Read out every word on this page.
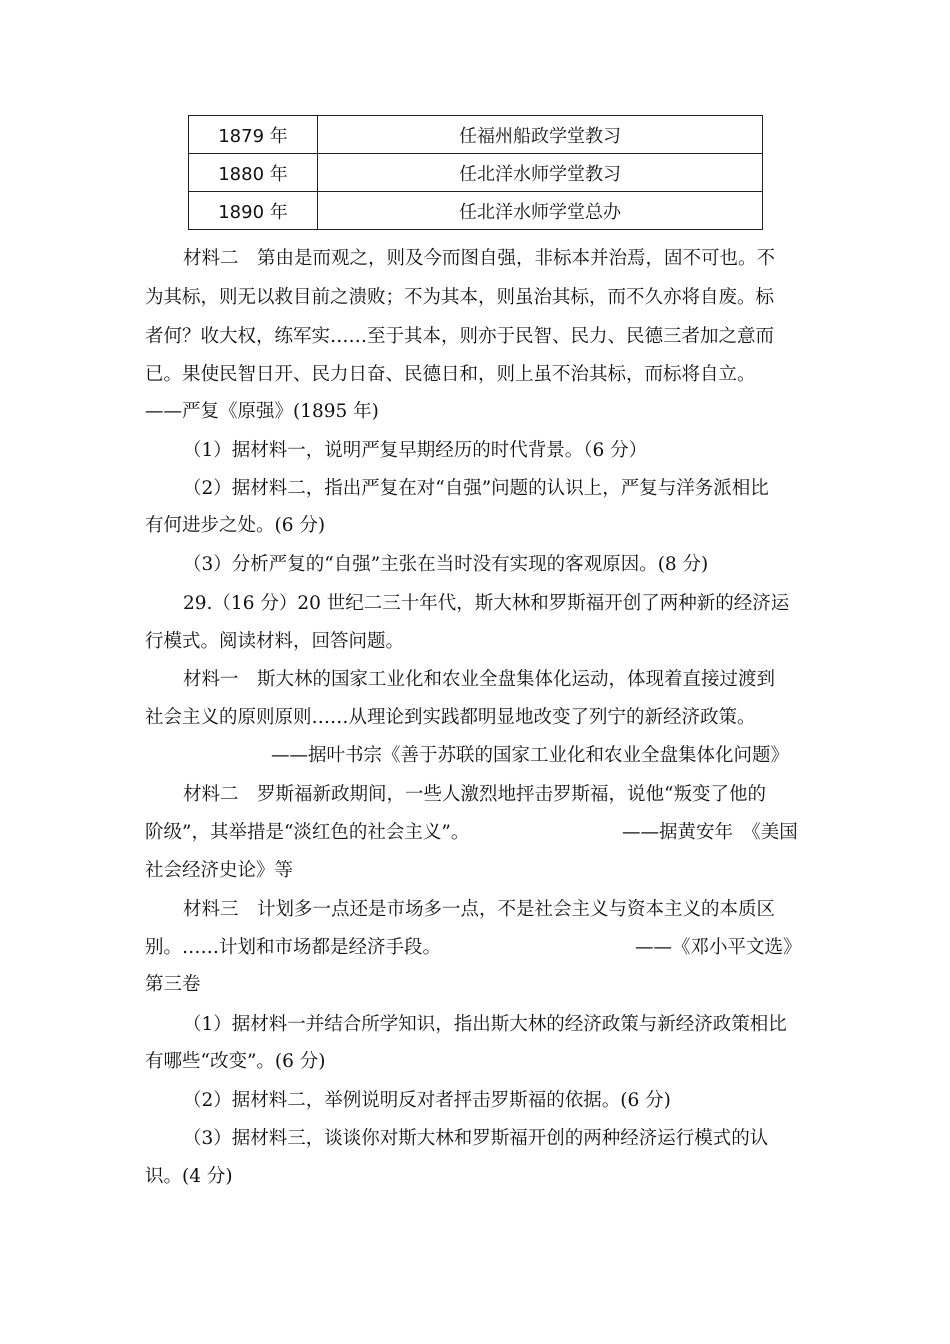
1879 年	任福州船政学堂教习
1880 年	任北洋水师学堂教习
1890 年	任北洋水师学堂总办
材料二　第由是而观之，则及今而图自强，非标本并治焉，固不可也。不
为其标，则无以救目前之溃败；不为其本，则虽治其标，而不久亦将自废。标
者何？收大权，练军实……至于其本，则亦于民智、民力、民德三者加之意而
已。果使民智日开、民力日奋、民德日和，则上虽不治其标，而标将自立。
——严复《原强》(1895 年)
（1）据材料一，说明严复早期经历的时代背景。（6 分）
（2）据材料二，指出严复在对“自强”问题的认识上，严复与洋务派相比
有何进步之处。(6 分)
（3）分析严复的“自强”主张在当时没有实现的客观原因。(8 分)
29.（16 分）20 世纪二三十年代，斯大林和罗斯福开创了两种新的经济运
行模式。阅读材料，回答问题。
材料一　斯大林的国家工业化和农业全盘集体化运动，体现着直接过渡到
社会主义的原则原则……从理论到实践都明显地改变了列宁的新经济政策。
——据叶书宗《善于苏联的国家工业化和农业全盘集体化问题》
材料二　罗斯福新政期间，一些人激烈地抨击罗斯福，说他“叛变了他的
阶级”，其举措是“淡红色的社会主义”。	——据黄安年　《美国
社会经济史论》等
材料三　计划多一点还是市场多一点，不是社会主义与资本主义的本质区
别。……计划和市场都是经济手段。	——《邓小平文选》
第三卷
（1）据材料一并结合所学知识，指出斯大林的经济政策与新经济政策相比
有哪些“改变”。(6 分)
（2）据材料二，举例说明反对者抨击罗斯福的依据。(6 分)
（3）据材料三，谈谈你对斯大林和罗斯福开创的两种经济运行模式的认
识。(4 分)
